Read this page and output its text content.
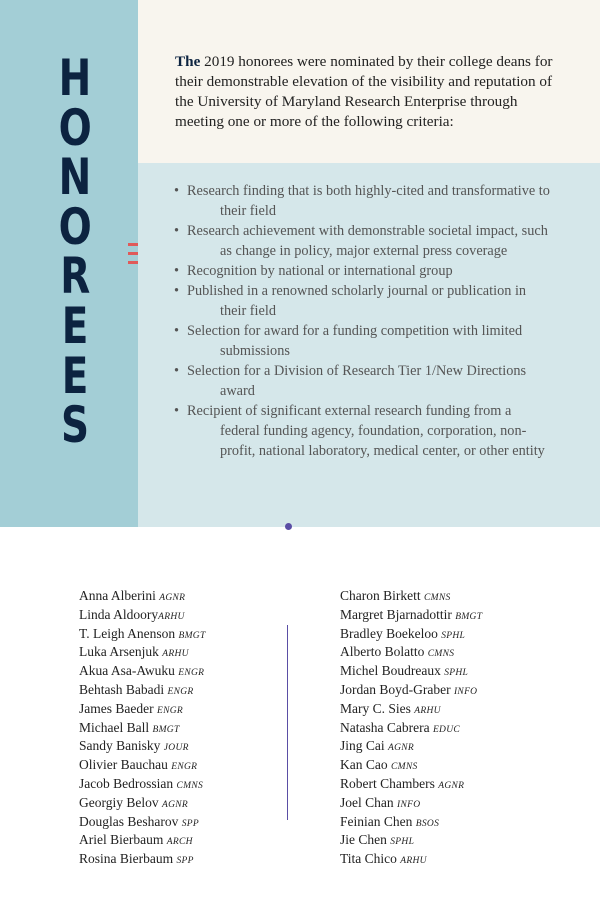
H
O
N
O
R
E
E
S

The 2019 honorees were nominated by their college deans for their demonstrable elevation of the visibility and reputation of the University of Maryland Research Enterprise through meeting one or more of the following criteria:

• Research finding that is both highly-cited and transformative to their field
• Research achievement with demonstrable societal impact, such as change in policy, major external press coverage
• Recognition by national or international group
• Published in a renowned scholarly journal or publication in their field
• Selection for award for a funding competition with limited submissions
• Selection for a Division of Research Tier 1/New Directions award
• Recipient of significant external research funding from a federal funding agency, foundation, corporation, non-profit, national laboratory, medical center, or other entity
Anna Alberini AGNR
Linda AldooryARHU
T. Leigh Anenson BMGT
Luka Arsenjuk ARHU
Akua Asa-Awuku ENGR
Behtash Babadi ENGR
James Baeder ENGR
Michael Ball BMGT
Sandy Banisky JOUR
Olivier Bauchau ENGR
Jacob Bedrossian CMNS
Georgiy Belov AGNR
Douglas Besharov SPP
Ariel Bierbaum ARCH
Rosina Bierbaum SPP
Charon Birkett CMNS
Margret Bjarnadottir BMGT
Bradley Boekeloo SPHL
Alberto Bolatto CMNS
Michel Boudreaux SPHL
Jordan Boyd-Graber INFO
Mary C. Sies ARHU
Natasha Cabrera EDUC
Jing Cai AGNR
Kan Cao CMNS
Robert Chambers AGNR
Joel Chan INFO
Feinian Chen BSOS
Jie Chen SPHL
Tita Chico ARHU
